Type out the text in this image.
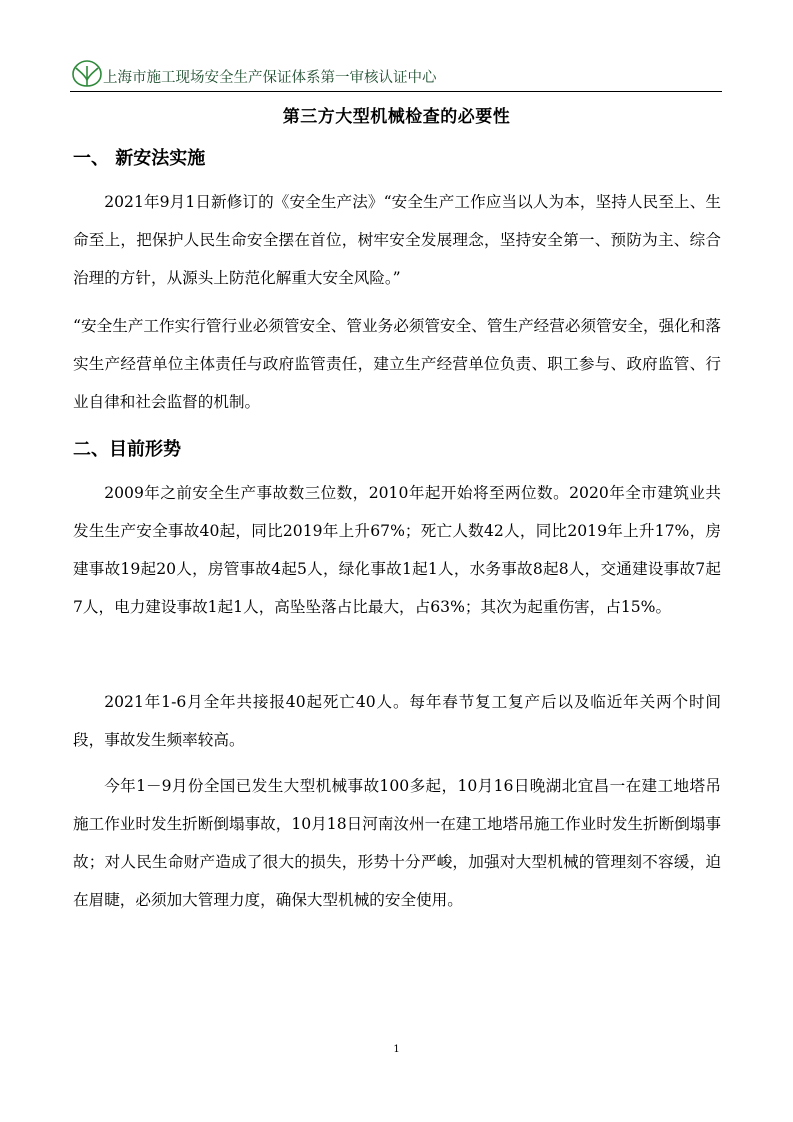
上海市施工现场安全生产保证体系第一审核认证中心
第三方大型机械检查的必要性
一、 新安法实施

2021年9月1日新修订的《安全生产法》“安全生产工作应当以人为本，坚持人民至上、生命至上，把保护人民生命安全摆在首位，树牢安全发展理念，坚持安全第一、预防为主、综合治理的方针，从源头上防范化解重大安全风险。”

“安全生产工作实行管行业必须管安全、管业务必须管安全、管生产经营必须管安全，强化和落实生产经营单位主体责任与政府监管责任，建立生产经营单位负责、职工参与、政府监管、行业自律和社会监督的机制。

二、目前形势

2009年之前安全生产事故数三位数，2010年起开始将至两位数。2020年全市建筑业共发生生产安全事故40起，同比2019年上升67%；死亡人数42人，同比2019年上升17%，房建事故19起20人，房管事故4起5人，绿化事故1起1人，水务事故8起8人，交通建设事故7起7人，电力建设事故1起1人，高坠坠落占比最大，占63%；其次为起重伤害，占15%。

2021年1-6月全年共接报40起死亡40人。每年春节复工复产后以及临近年关两个时间段，事故发生频率较高。

今年1－9月份全国已发生大型机械事故100多起，10月16日晚湖北宜昌一在建工地塔吊施工作业时发生折断倒塌事故，10月18日河南汝州一在建工地塔吊施工作业时发生折断倒塌事故；对人民生命财产造成了很大的损失，形势十分严峻，加强对大型机械的管理刻不容缓，迫在眉睫，必须加大管理力度，确保大型机械的安全使用。

1
